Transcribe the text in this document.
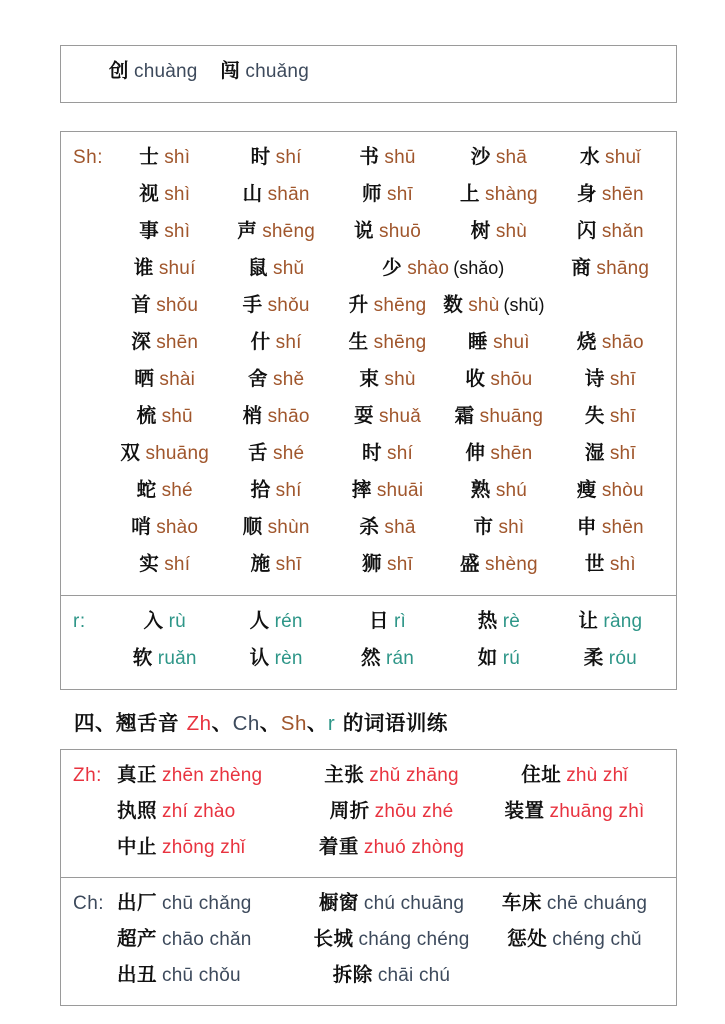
创 chuàng	闯 chuǎng
Sh:	士 shì	时 shí	书 shū	沙 shā	水 shuǐ
视 shì	山 shān	师 shī	上 shàng	身 shēn
事 shì	声 shēng	说 shuō	树 shù	闪 shǎn
谁 shuí	鼠 shǔ	少 shào (shǎo)	商 shāng
首 shǒu	手 shǒu	升 shēng 数 shù (shǔ)
深 shēn	什 shí	生 shēng	睡 shuì	烧 shāo
晒 shài	舍 shě	束 shù	收 shōu	诗 shī
梳 shū	梢 shāo	耍 shuǎ	霜 shuāng	失 shī
双 shuāng	舌 shé	时 shí	伸 shēn	湿 shī
蛇 shé	拾 shí	摔 shuāi	熟 shú	瘦 shòu
哨 shào	顺 shùn	杀 shā	市 shì	申 shēn
实 shí	施 shī	狮 shī	盛 shèng	世 shì
r:	入 rù	人 rén	日 rì	热 rè	让 ràng
软 ruǎn	认 rèn	然 rán	如 rú	柔 róu
四、翘舌音 Zh、Ch、Sh、r 的词语训练
Zh: 真正 zhēn zhèng	主张 zhǔ zhāng	住址 zhù zhǐ
执照 zhí zhào	周折 zhōu zhé	装置 zhuāng zhì
中止 zhōng zhǐ	着重 zhuó zhòng
Ch: 出厂 chū chǎng	橱窗 chú chuāng	车床 chē chuáng
超产 chāo chǎn	长城 cháng chéng	惩处 chéng chǔ
出丑 chū chǒu	拆除 chāi chú
